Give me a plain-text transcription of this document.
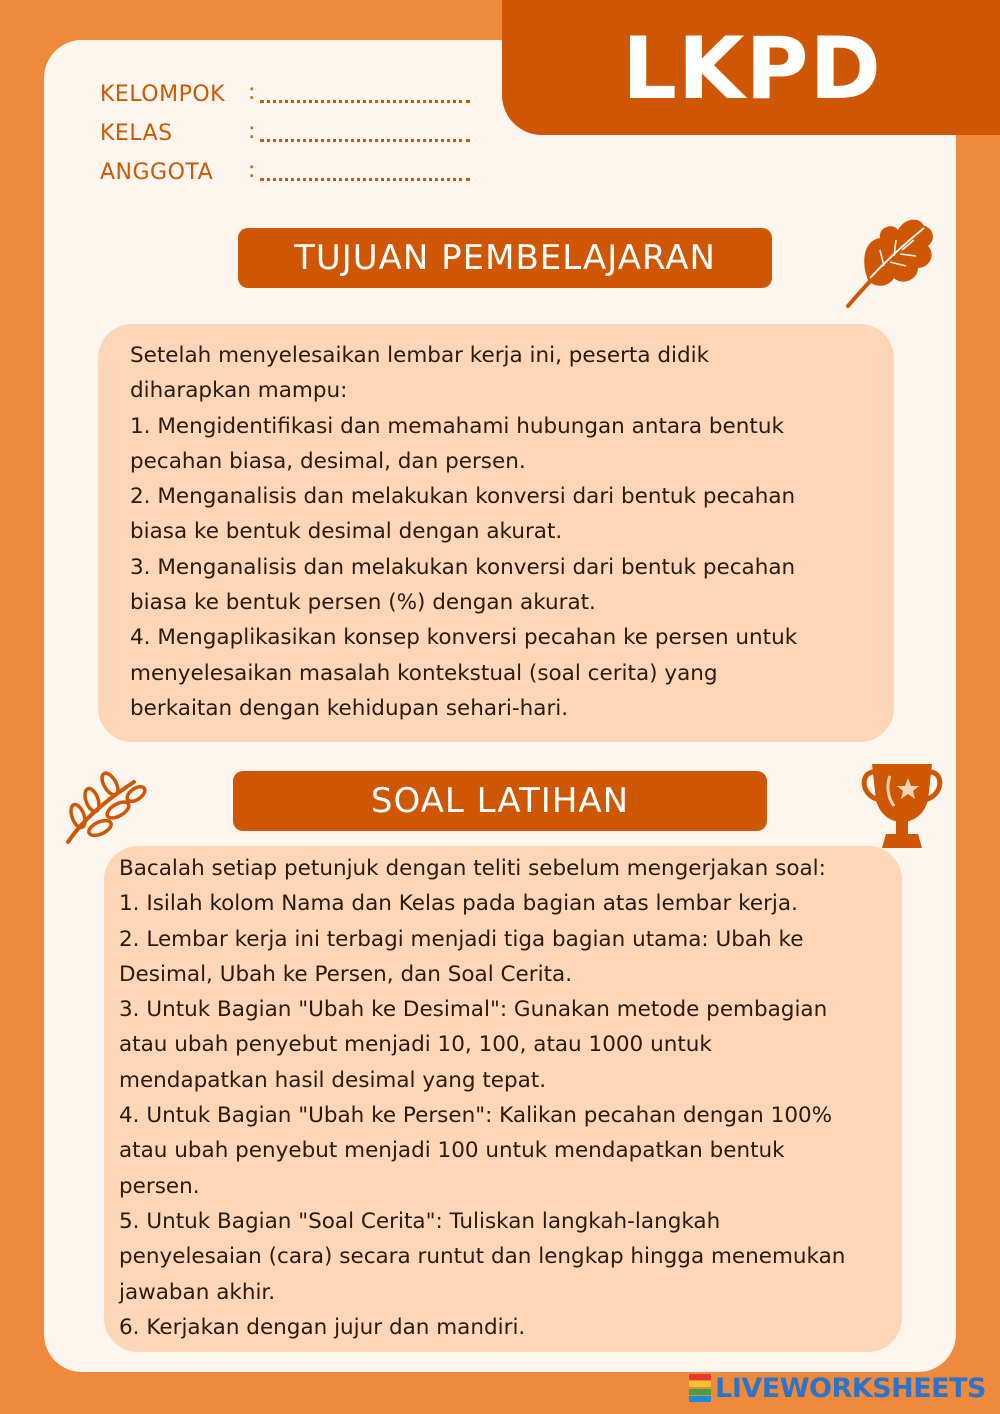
LKPD
KELOMPOK	:
KELAS	:
ANGGOTA	:
TUJUAN PEMBELAJARAN

Setelah menyelesaikan lembar kerja ini, peserta didik

diharapkan mampu:

1. Mengidentifikasi dan memahami hubungan antara bentuk

pecahan biasa, desimal, dan persen.

2. Menganalisis dan melakukan konversi dari bentuk pecahan

biasa ke bentuk desimal dengan akurat.

3. Menganalisis dan melakukan konversi dari bentuk pecahan

biasa ke bentuk persen (%) dengan akurat.

4. Mengaplikasikan konsep konversi pecahan ke persen untuk

menyelesaikan masalah kontekstual (soal cerita) yang

berkaitan dengan kehidupan sehari-hari.

SOAL LATIHAN

Bacalah setiap petunjuk dengan teliti sebelum mengerjakan soal:

1. Isilah kolom Nama dan Kelas pada bagian atas lembar kerja.

2. Lembar kerja ini terbagi menjadi tiga bagian utama: Ubah ke

Desimal, Ubah ke Persen, dan Soal Cerita.

3. Untuk Bagian "Ubah ke Desimal": Gunakan metode pembagian

atau ubah penyebut menjadi 10, 100, atau 1000 untuk

mendapatkan hasil desimal yang tepat.

4. Untuk Bagian "Ubah ke Persen": Kalikan pecahan dengan 100%

atau ubah penyebut menjadi 100 untuk mendapatkan bentuk

persen.

5. Untuk Bagian "Soal Cerita": Tuliskan langkah-langkah

penyelesaian (cara) secara runtut dan lengkap hingga menemukan

jawaban akhir.

6. Kerjakan dengan jujur dan mandiri.

LIVEWORKSHEETS
